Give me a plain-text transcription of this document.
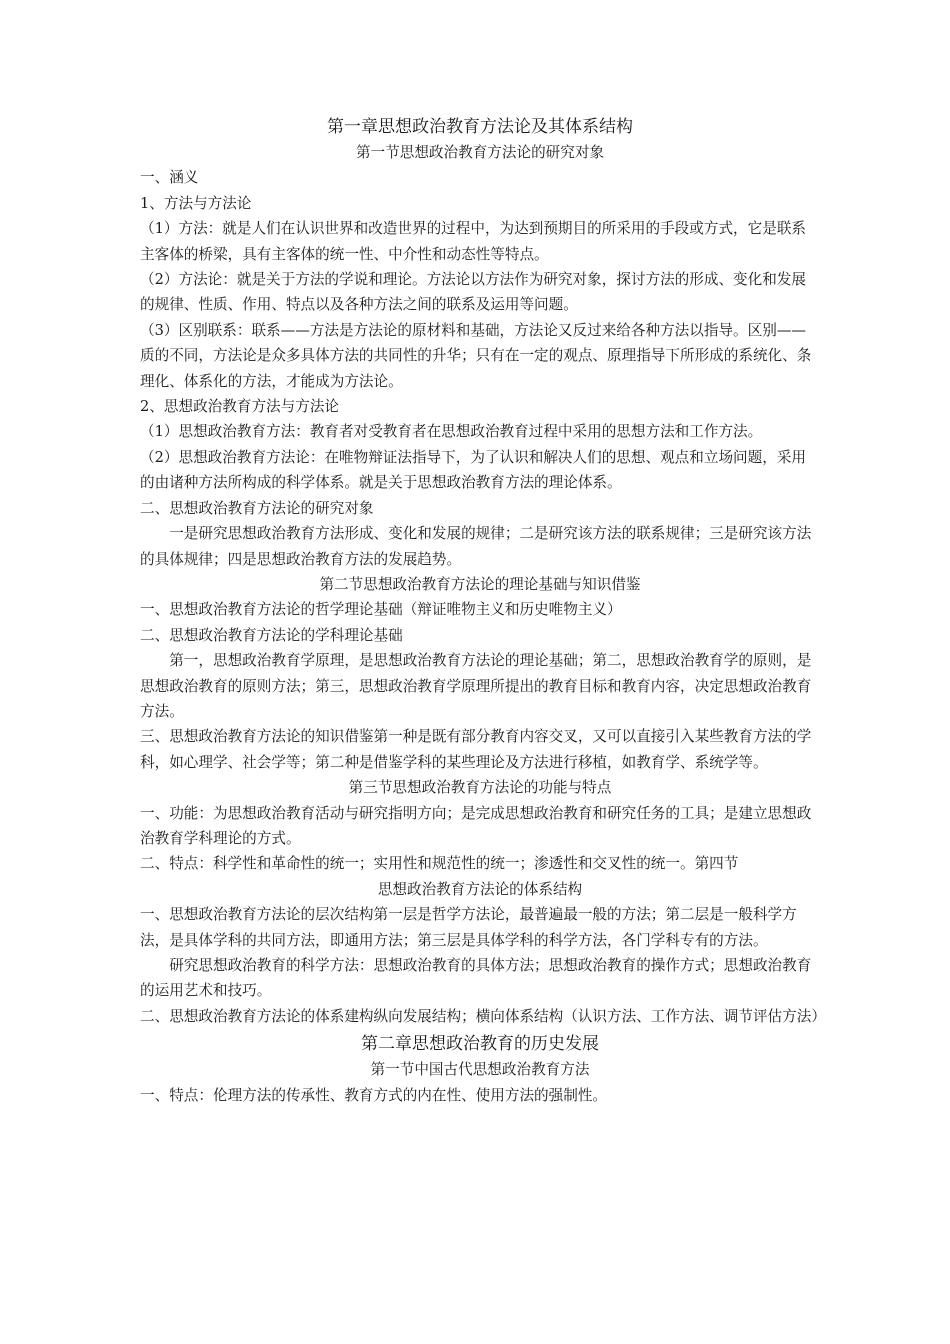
第一章思想政治教育方法论及其体系结构
第一节思想政治教育方法论的研究对象
一、涵义
1、方法与方法论
（1）方法：就是人们在认识世界和改造世界的过程中，为达到预期目的所采用的手段或方式，它是联系主客体的桥梁，具有主客体的统一性、中介性和动态性等特点。
（2）方法论：就是关于方法的学说和理论。方法论以方法作为研究对象，探讨方法的形成、变化和发展的规律、性质、作用、特点以及各种方法之间的联系及运用等问题。
（3）区别联系：联系——方法是方法论的原材料和基础，方法论又反过来给各种方法以指导。区别——质的不同，方法论是众多具体方法的共同性的升华；只有在一定的观点、原理指导下所形成的系统化、条理化、体系化的方法，才能成为方法论。
2、思想政治教育方法与方法论
（1）思想政治教育方法：教育者对受教育者在思想政治教育过程中采用的思想方法和工作方法。
（2）思想政治教育方法论：在唯物辩证法指导下，为了认识和解决人们的思想、观点和立场问题，采用的由诸种方法所构成的科学体系。就是关于思想政治教育方法的理论体系。
二、思想政治教育方法论的研究对象
一是研究思想政治教育方法形成、变化和发展的规律；二是研究该方法的联系规律；三是研究该方法的具体规律；四是思想政治教育方法的发展趋势。
第二节思想政治教育方法论的理论基础与知识借鉴
一、思想政治教育方法论的哲学理论基础（辩证唯物主义和历史唯物主义）
二、思想政治教育方法论的学科理论基础
第一，思想政治教育学原理，是思想政治教育方法论的理论基础；第二，思想政治教育学的原则，是思想政治教育的原则方法；第三，思想政治教育学原理所提出的教育目标和教育内容，决定思想政治教育方法。
三、思想政治教育方法论的知识借鉴第一种是既有部分教育内容交叉，又可以直接引入某些教育方法的学科，如心理学、社会学等；第二种是借鉴学科的某些理论及方法进行移植，如教育学、系统学等。
第三节思想政治教育方法论的功能与特点
一、功能：为思想政治教育活动与研究指明方向；是完成思想政治教育和研究任务的工具；是建立思想政治教育学科理论的方式。
二、特点：科学性和革命性的统一；实用性和规范性的统一；渗透性和交叉性的统一。第四节
思想政治教育方法论的体系结构
一、思想政治教育方法论的层次结构第一层是哲学方法论，最普遍最一般的方法；第二层是一般科学方法，是具体学科的共同方法，即通用方法；第三层是具体学科的科学方法，各门学科专有的方法。
研究思想政治教育的科学方法：思想政治教育的具体方法；思想政治教育的操作方式；思想政治教育的运用艺术和技巧。
二、思想政治教育方法论的体系建构纵向发展结构；横向体系结构（认识方法、工作方法、调节评估方法）
第二章思想政治教育的历史发展
第一节中国古代思想政治教育方法
一、特点：伦理方法的传承性、教育方式的内在性、使用方法的强制性。
